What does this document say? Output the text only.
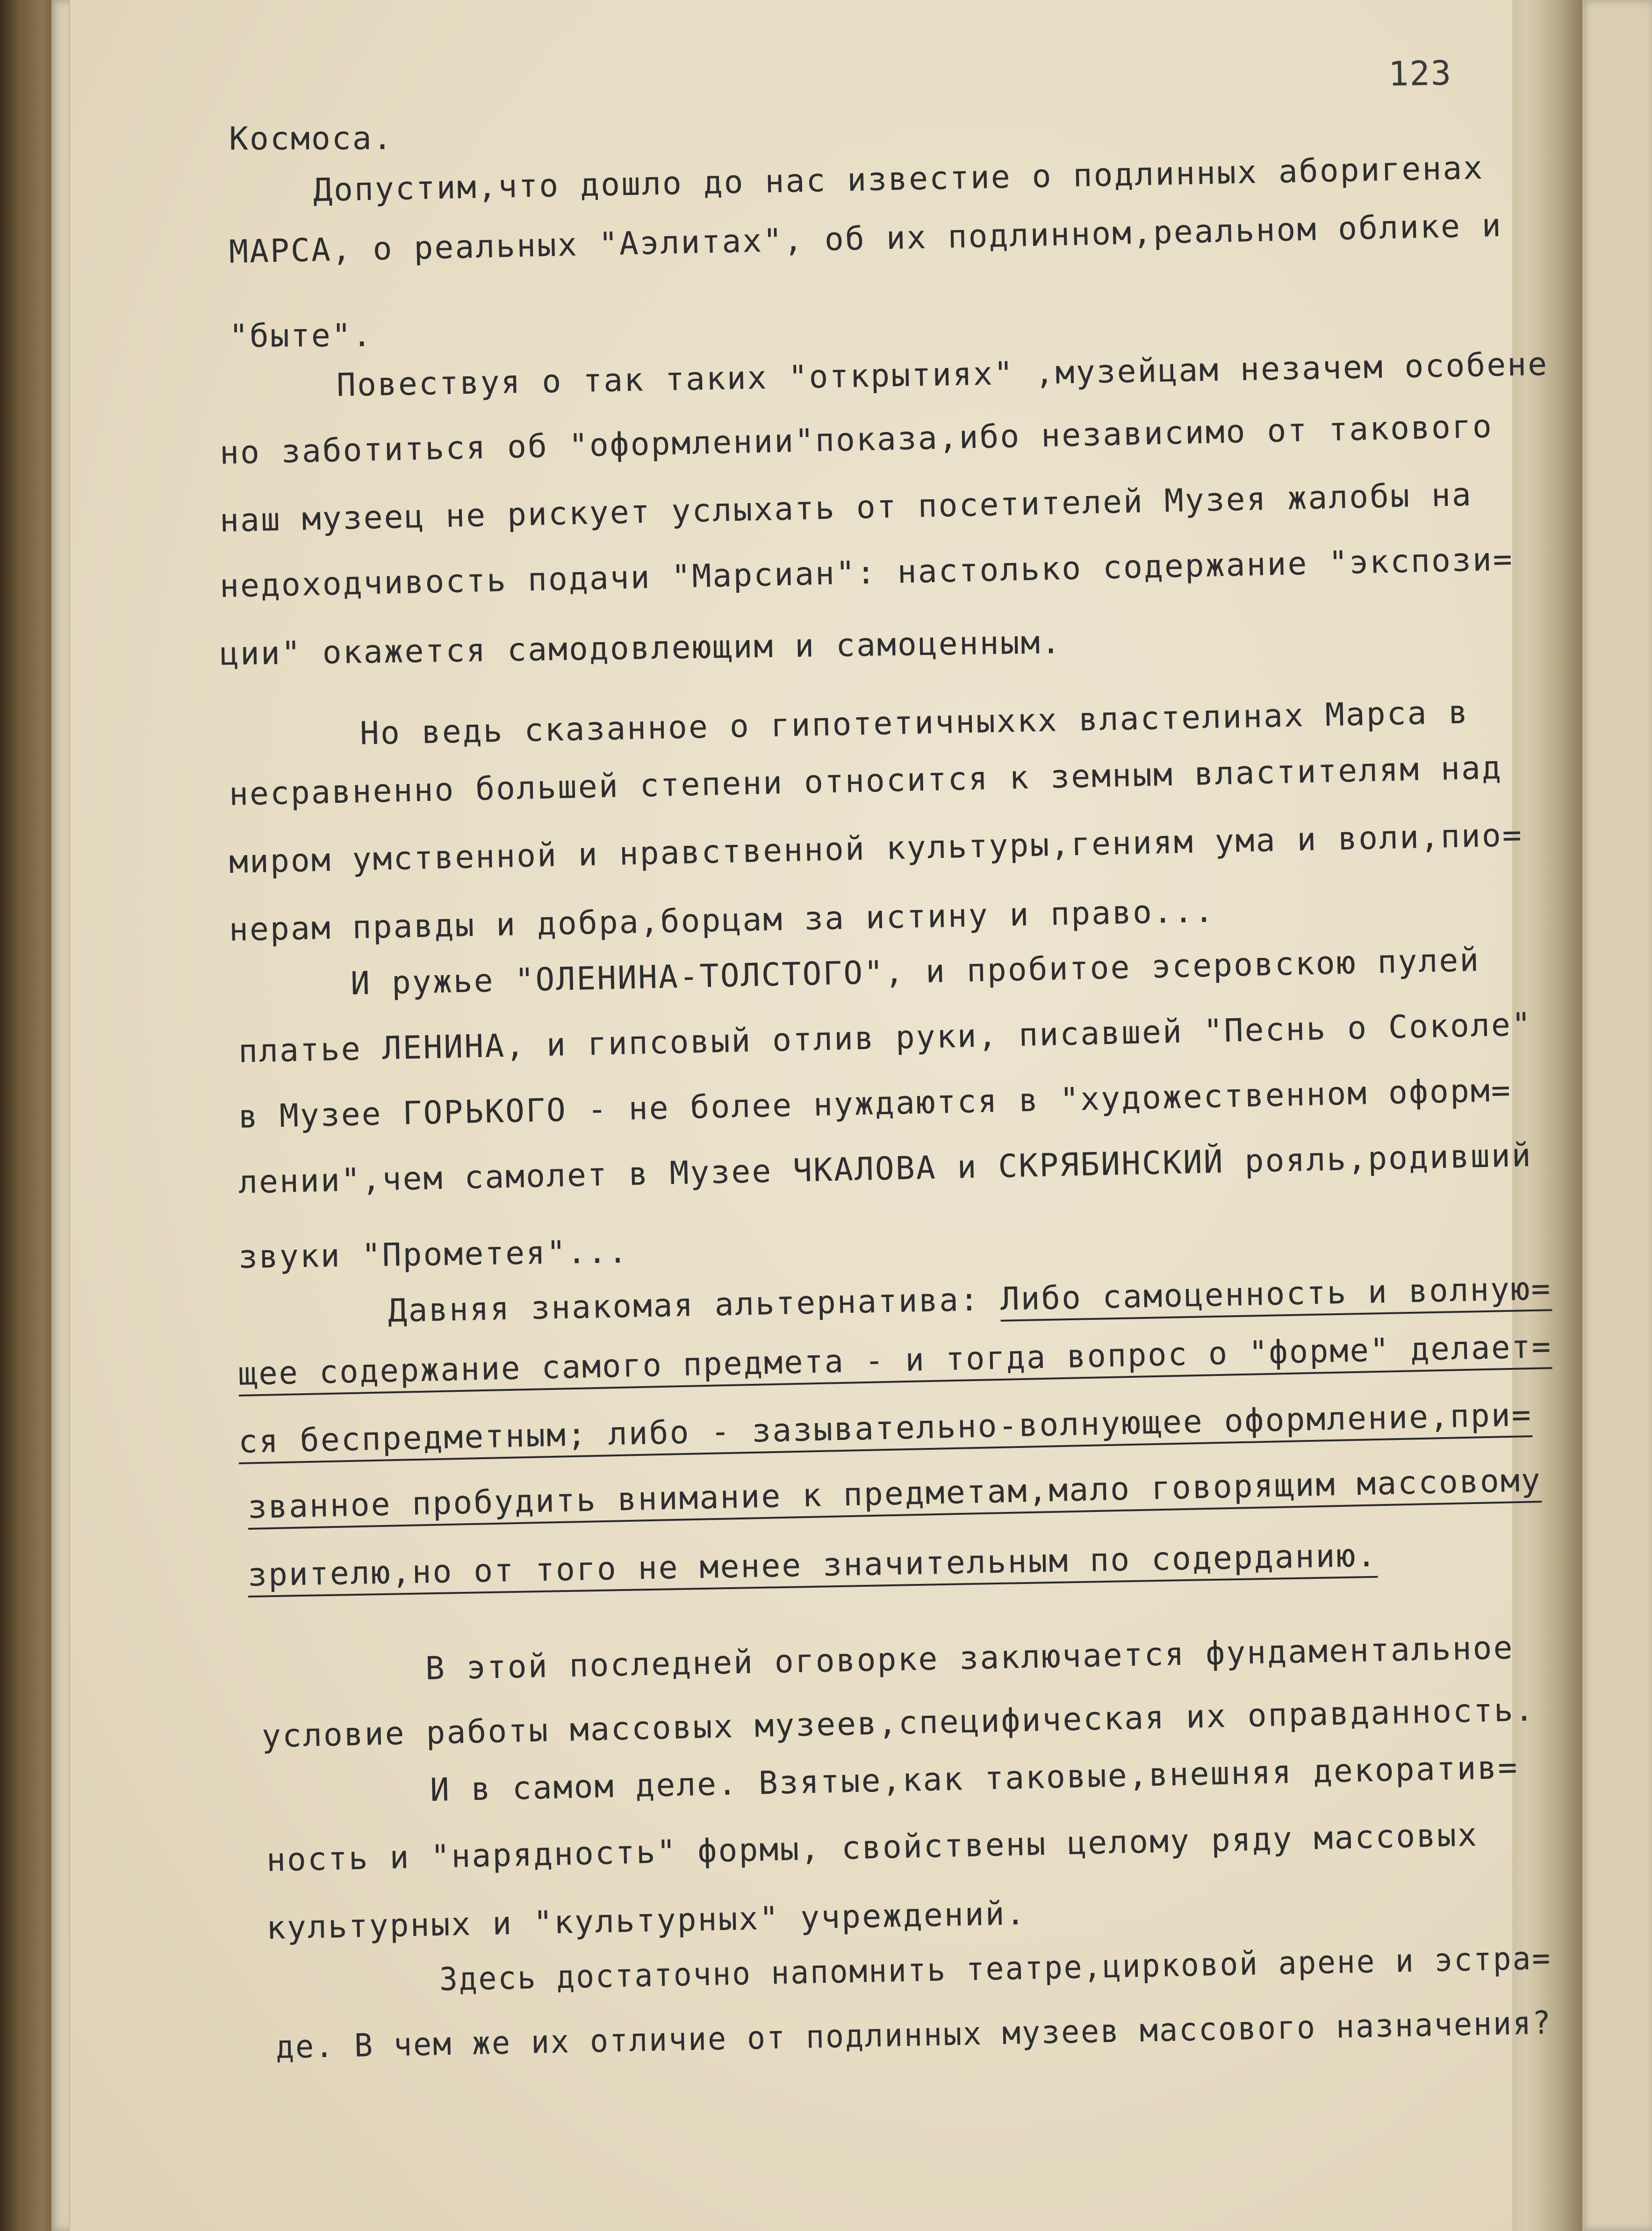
123
Космоса.
Допустим,что дошло до нас известие о подлинных аборигенах
МАРСА, о реальных "Аэлитах", об их подлинном,реальном облике и
"быте".
Повествуя о так таких "открытиях" ,музейцам незачем особене
но заботиться об "оформлении"показа,ибо независимо от такового
наш музеец не рискует услыхать от посетителей Музея жалобы на
недоходчивость подачи "Марсиан": настолько содержание "экспози=
ции" окажется самодовлеющим и самоценным.
Но ведь сказанное о гипотетичныхкх властелинах Марса в
несравненно большей степени относится к земным властителям над
миром умственной и нравственной культуры,гениям ума и воли,пио=
нерам правды и добра,борцам за истину и право...
И ружье "ОЛЕНИНА-ТОЛСТОГО", и пробитое эсеровскою пулей
платье ЛЕНИНА, и гипсовый отлив руки, писавшей "Песнь о Соколе"
в Музее ГОРЬКОГО - не более нуждаются в "художественном оформ=
лении",чем самолет в Музее ЧКАЛОВА и СКРЯБИНСКИЙ рояль,родивший
звуки "Прометея"...
Давняя знакомая альтернатива: Либо самоценность и волную=
щее содержание самого предмета - и тогда вопрос о "форме" делает=
ся беспредметным; либо - зазывательно-волнующее оформление,при=
званное пробудить внимание к предметам,мало говорящим массовому
зрителю,но от того не менее значительным по содерданию.
В этой последней оговорке заключается фундаментальное
условие работы массовых музеев,специфическая их оправданность.
И в самом деле. Взятые,как таковые,внешняя декоратив=
ность и "нарядность" формы, свойствены целому ряду массовых
культурных и "культурных" учреждений.
Здесь достаточно напомнить театре,цирковой арене и эстра=
де. В чем же их отличие от подлинных музеев массового назначения?
